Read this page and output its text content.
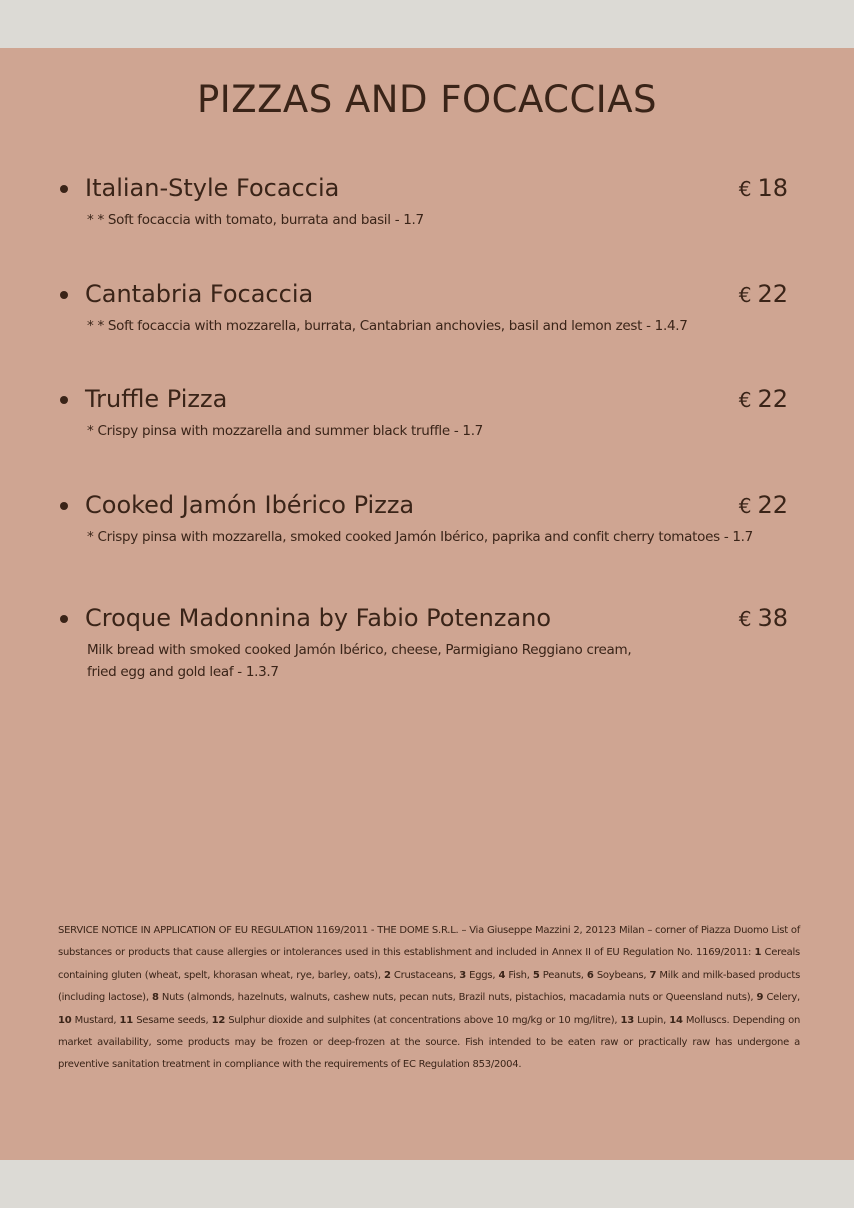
PIZZAS AND FOCACCIAS
Italian-Style Focaccia	€ 18
* * Soft focaccia with tomato, burrata and basil - 1.7
Cantabria Focaccia	€ 22
* * Soft focaccia with mozzarella, burrata, Cantabrian anchovies, basil and lemon zest - 1.4.7
Truffle Pizza	€ 22
* Crispy pinsa with mozzarella and summer black truffle - 1.7
Cooked Jamón Ibérico Pizza	€ 22
* Crispy pinsa with mozzarella, smoked cooked Jamón Ibérico, paprika and confit cherry tomatoes - 1.7
Croque Madonnina by Fabio Potenzano	€ 38
Milk bread with smoked cooked Jamón Ibérico, cheese, Parmigiano Reggiano cream,
fried egg and gold leaf - 1.3.7
SERVICE NOTICE IN APPLICATION OF EU REGULATION 1169/2011 - THE DOME S.R.L. – Via Giuseppe Mazzini 2, 20123 Milan – corner of Piazza Duomo List of substances or products that cause allergies or intolerances used in this establishment and included in Annex II of EU Regulation No. 1169/2011: 1 Cereals containing gluten (wheat, spelt, khorasan wheat, rye, barley, oats), 2 Crustaceans, 3 Eggs, 4 Fish, 5 Peanuts, 6 Soybeans, 7 Milk and milk-based products (including lactose), 8 Nuts (almonds, hazelnuts, walnuts, cashew nuts, pecan nuts, Brazil nuts, pistachios, macadamia nuts or Queensland nuts), 9 Celery, 10 Mustard, 11 Sesame seeds, 12 Sulphur dioxide and sulphites (at concentrations above 10 mg/kg or 10 mg/litre), 13 Lupin, 14 Molluscs. Depending on market availability, some products may be frozen or deep-frozen at the source. Fish intended to be eaten raw or practically raw has undergone a preventive sanitation treatment in compliance with the requirements of EC Regulation 853/2004.
